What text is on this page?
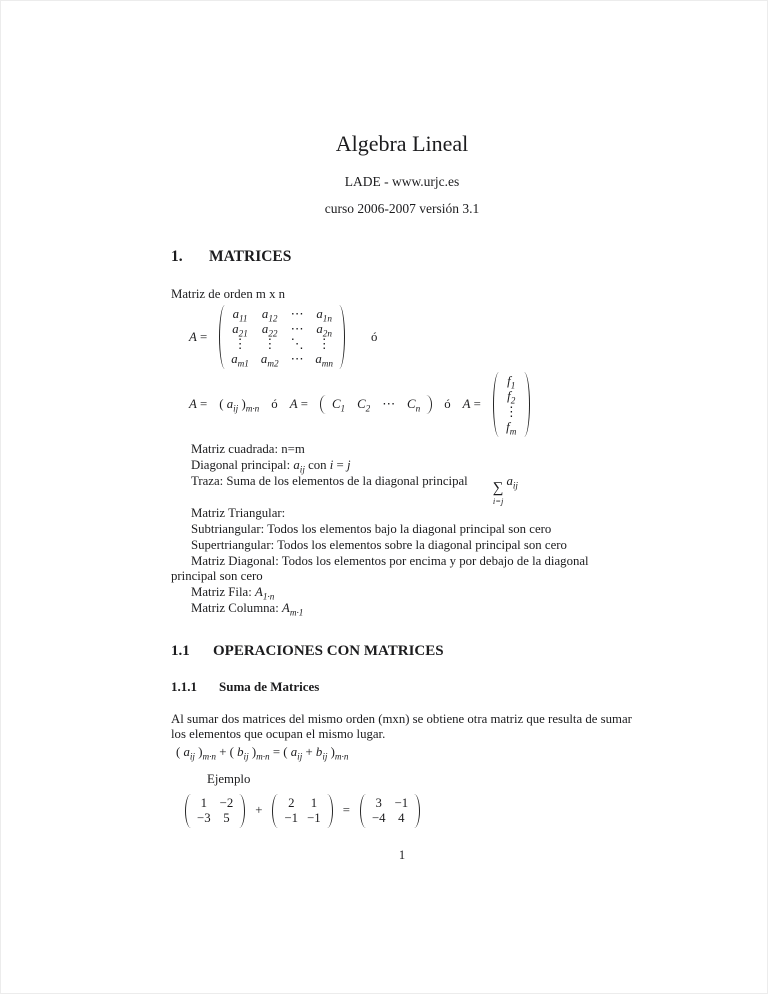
Algebra Lineal
LADE - www.urjc.es
curso 2006-2007 versión 3.1
1. MATRICES
Matriz de orden m x n
A =
$a_{11}$ $a_{12}$ ⋯ $a_{1n}$
$a_{21}$ $a_{22}$ ⋯ $a_{2n}$
⋮ ⋮ ⋱ ⋮
$a_{m1}$ $a_{m2}$ ⋯ $a_{mn}$
ó
A = ( $a_{ij}$ )$_{m\cdot n}$ ó $A = C_1$ $C_2$ ⋯ $C_n$ ó A =
$f_1$
$f_2$
⋮
$f_m$

Matriz cuadrada: n=m

Diagonal principal: $a_{ij}$ con i = j

Traza: Suma de los elementos de la diagonal principal	∑
i=j
$a_{ij}$

Matriz Triangular:

Subtriangular: Todos los elementos bajo la diagonal principal son cero

Supertriangular: Todos los elementos sobre la diagonal principal son cero

Matriz Diagonal: Todos los elementos por encima y por debajo de la diagonal principal son cero

Matriz Fila: $A_{1\cdot n}$

Matriz Columna: $A_{m\cdot 1}$

1.1 OPERACIONES CON MATRICES
1.1.1 Suma de Matrices

Al sumar dos matrices del mismo orden (mxn) se obtiene otra matriz que resulta de sumar los elementos que ocupan el mismo lugar.

( $a_{ij}$ )$_{m\cdot n}$ + ( $b_{ij}$ )$_{m\cdot n}$ = ( $a_{ij} + b_{ij}$ )$_{m\cdot n}$
Ejemplo
1 −2
−3 5
+
2 1
−1 −1
=
3 −1
−4 4
1
